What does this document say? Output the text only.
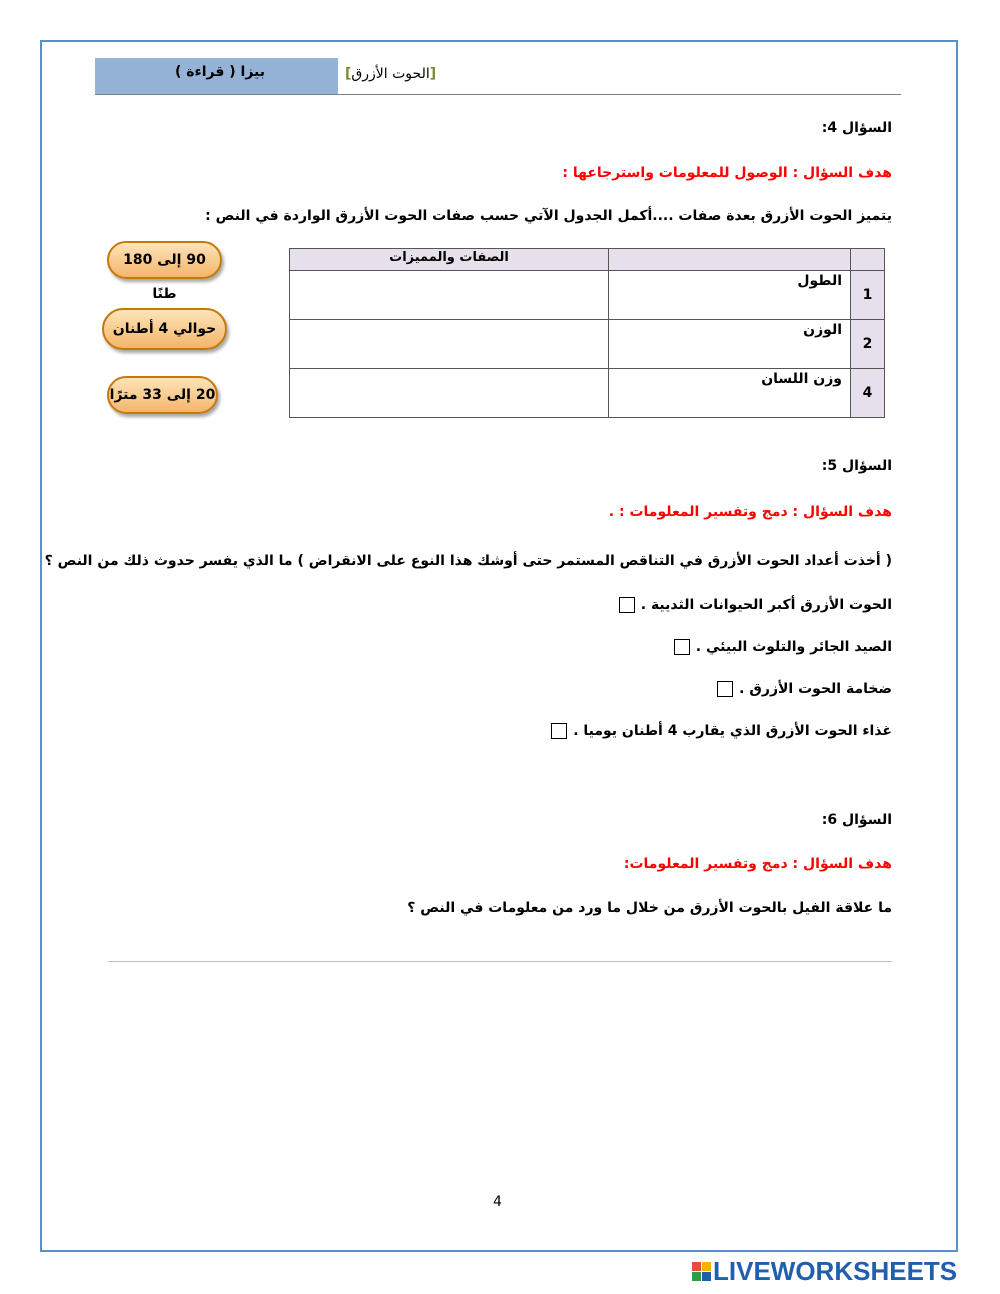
بيزا ( قراءة )	[الحوت الأزرق]
السؤال 4:
هدف السؤال : الوصول للمعلومات واسترجاعها :
يتميز الحوت الأزرق بعدة صفات ....أكمل الجدول الآتي حسب صفات الحوت الأزرق الواردة في النص :
		الصفات والمميزات
1	الطول	
2	الوزن	
4	وزن اللسان	
90 إلى 180 طنًا
حوالي 4 أطنان
20 إلى 33 مترًا
السؤال 5:
هدف السؤال : دمج وتفسير المعلومات : .
( أخذت أعداد الحوت الأزرق في التناقص المستمر حتى أوشك هذا النوع على الانقراض ) ما الذي يفسر حدوث ذلك من النص ؟
الحوت الأزرق أكبر الحيوانات الثديية .
الصيد الجائر والتلوث البيئي .
ضخامة الحوت الأزرق .
غذاء الحوت الأزرق الذي يقارب 4 أطنان يوميا .
السؤال 6:
هدف السؤال : دمج وتفسير المعلومات:
ما علاقة الفيل بالحوت الأزرق من خلال ما ورد من معلومات في النص ؟
4
LIVEWORKSHEETS
